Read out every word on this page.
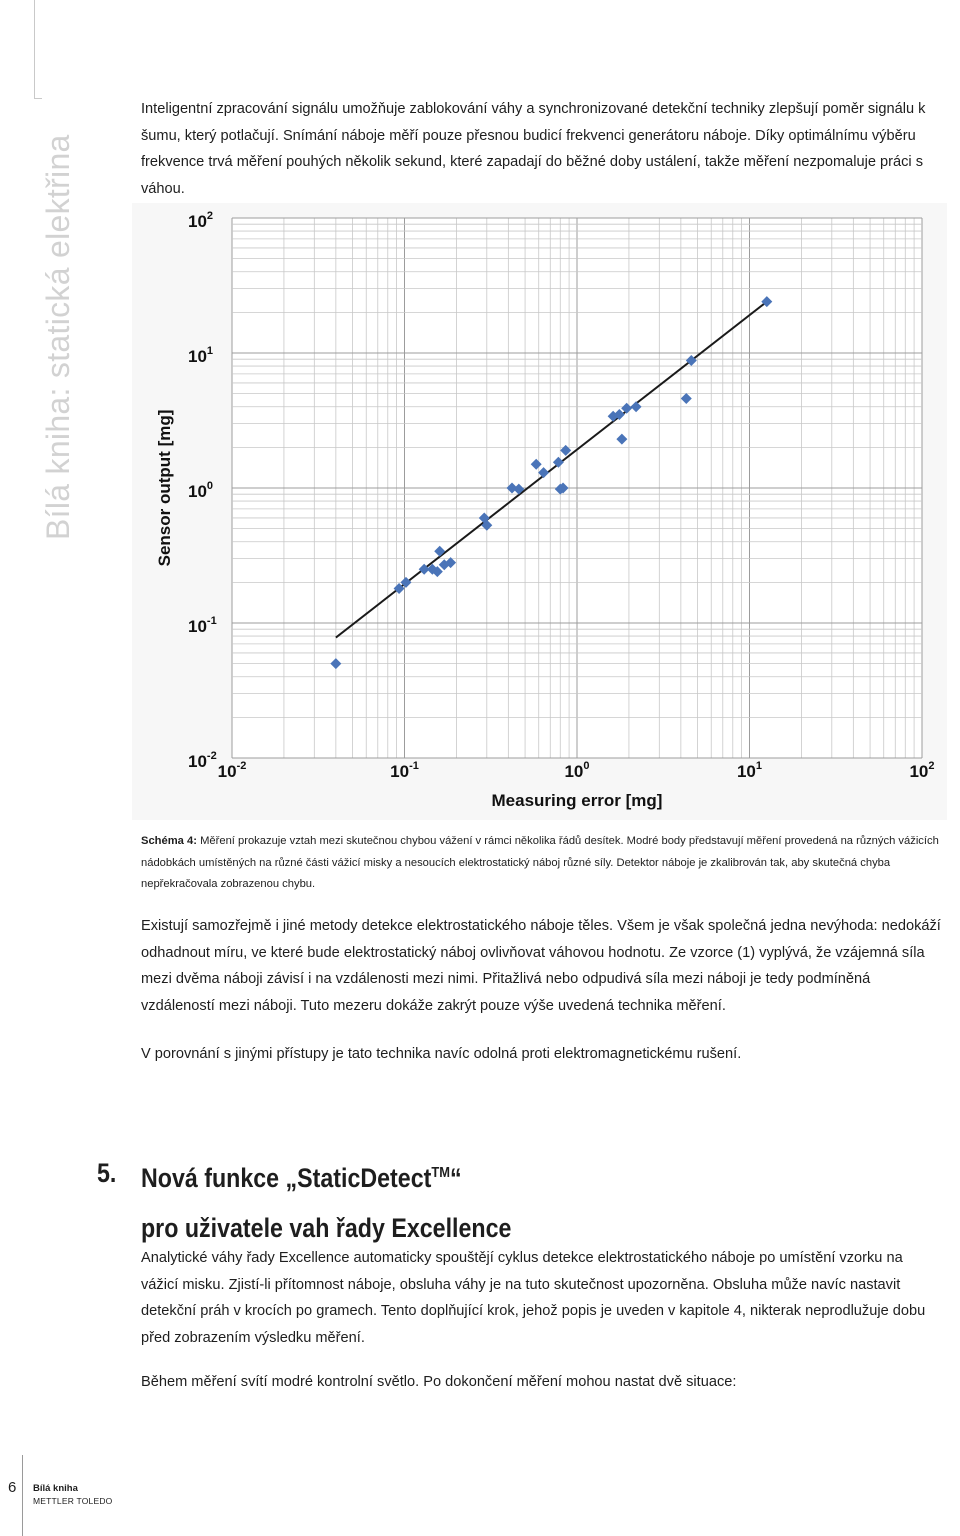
Bílá kniha: statická elektřina

Inteligentní zpracování signálu umožňuje zablokování váhy a synchronizované detekční techniky zlepšují poměr signálu k šumu, který potlačují. Snímání náboje měří pouze přesnou budicí frekvenci generátoru náboje. Díky optimálnímu výběru frekvence trvá měření pouhých několik sekund, které zapadají do běžné doby ustálení, takže měření nezpomaluje práci s váhou.

$10^2$
$10^1$
$10^0$
$10^{-1}$
$10^{-2}$
$10^{-2}$	$10^{-1}$	$10^0$	$10^1$	$10^2$
Sensor output [mg]
Measuring error [mg]

Schéma 4: Měření prokazuje vztah mezi skutečnou chybou vážení v rámci několika řádů desítek. Modré body představují měření provedená na různých vážicích nádobkách umístěných na různé části vážicí misky a nesoucích elektrostatický náboj různé síly. Detektor náboje je zkalibrován tak, aby skutečná chyba nepřekračovala zobrazenou chybu.

Existují samozřejmě i jiné metody detekce elektrostatického náboje těles. Všem je však společná jedna nevýhoda: nedokáží odhadnout míru, ve které bude elektrostatický náboj ovlivňovat váhovou hodnotu. Ze vzorce (1) vyplývá, že vzájemná síla mezi dvěma náboji závisí i na vzdálenosti mezi nimi. Přitažlivá nebo odpudivá síla mezi náboji je tedy podmíněná vzdáleností mezi náboji. Tuto mezeru dokáže zakrýt pouze výše uvedená technika měření.

V porovnání s jinými přístupy je tato technika navíc odolná proti elektromagnetickému rušení.

5. Nová funkce „StaticDetect™“
pro uživatele vah řady Excellence

Analytické váhy řady Excellence automaticky spouštějí cyklus detekce elektrostatického náboje po umístění vzorku na vážicí misku. Zjistí-li přítomnost náboje, obsluha váhy je na tuto skutečnost upozorněna. Obsluha může navíc nastavit detekční práh v krocích po gramech. Tento doplňující krok, jehož popis je uveden v kapitole 4, nikterak neprodlužuje dobu před zobrazením výsledku měření.

Během měření svítí modré kontrolní světlo. Po dokončení měření mohou nastat dvě situace:

6 Bílá kniha
METTLER TOLEDO
